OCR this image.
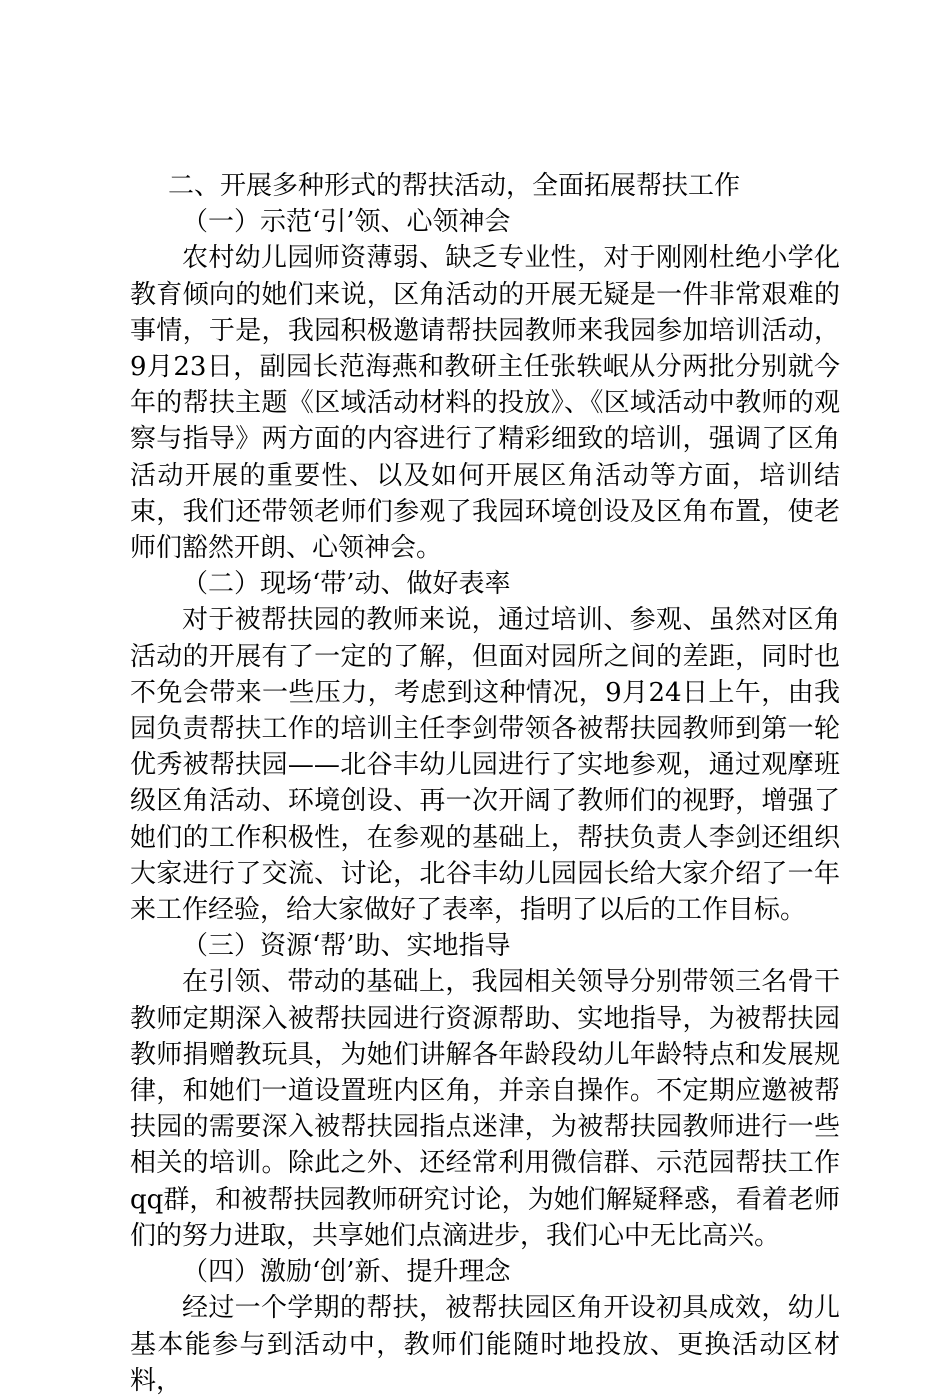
二、开展多种形式的帮扶活动，全面拓展帮扶工作

（一）示范‘引’领、心领神会

农村幼儿园师资薄弱、缺乏专业性，对于刚刚杜绝小学化教育倾向的她们来说，区角活动的开展无疑是一件非常艰难的事情，于是，我园积极邀请帮扶园教师来我园参加培训活动，9月23日，副园长范海燕和教研主任张轶岷从分两批分别就今年的帮扶主题《区域活动材料的投放》、《区域活动中教师的观察与指导》两方面的内容进行了精彩细致的培训，强调了区角活动开展的重要性、以及如何开展区角活动等方面，培训结束，我们还带领老师们参观了我园环境创设及区角布置，使老师们豁然开朗、心领神会。

（二）现场‘带’动、做好表率

对于被帮扶园的教师来说，通过培训、参观、虽然对区角活动的开展有了一定的了解，但面对园所之间的差距，同时也不免会带来一些压力，考虑到这种情况，9月24日上午，由我园负责帮扶工作的培训主任李剑带领各被帮扶园教师到第一轮优秀被帮扶园——北谷丰幼儿园进行了实地参观，通过观摩班级区角活动、环境创设、再一次开阔了教师们的视野，增强了她们的工作积极性，在参观的基础上，帮扶负责人李剑还组织大家进行了交流、讨论，北谷丰幼儿园园长给大家介绍了一年来工作经验，给大家做好了表率，指明了以后的工作目标。

（三）资源‘帮’助、实地指导

在引领、带动的基础上，我园相关领导分别带领三名骨干教师定期深入被帮扶园进行资源帮助、实地指导，为被帮扶园教师捐赠教玩具，为她们讲解各年龄段幼儿年龄特点和发展规律，和她们一道设置班内区角，并亲自操作。不定期应邀被帮扶园的需要深入被帮扶园指点迷津，为被帮扶园教师进行一些相关的培训。除此之外、还经常利用微信群、示范园帮扶工作qq群，和被帮扶园教师研究讨论，为她们解疑释惑，看着老师们的努力进取，共享她们点滴进步，我们心中无比高兴。

（四）激励‘创’新、提升理念

经过一个学期的帮扶，被帮扶园区角开设初具成效，幼儿基本能参与到活动中，教师们能随时地投放、更换活动区材料，
